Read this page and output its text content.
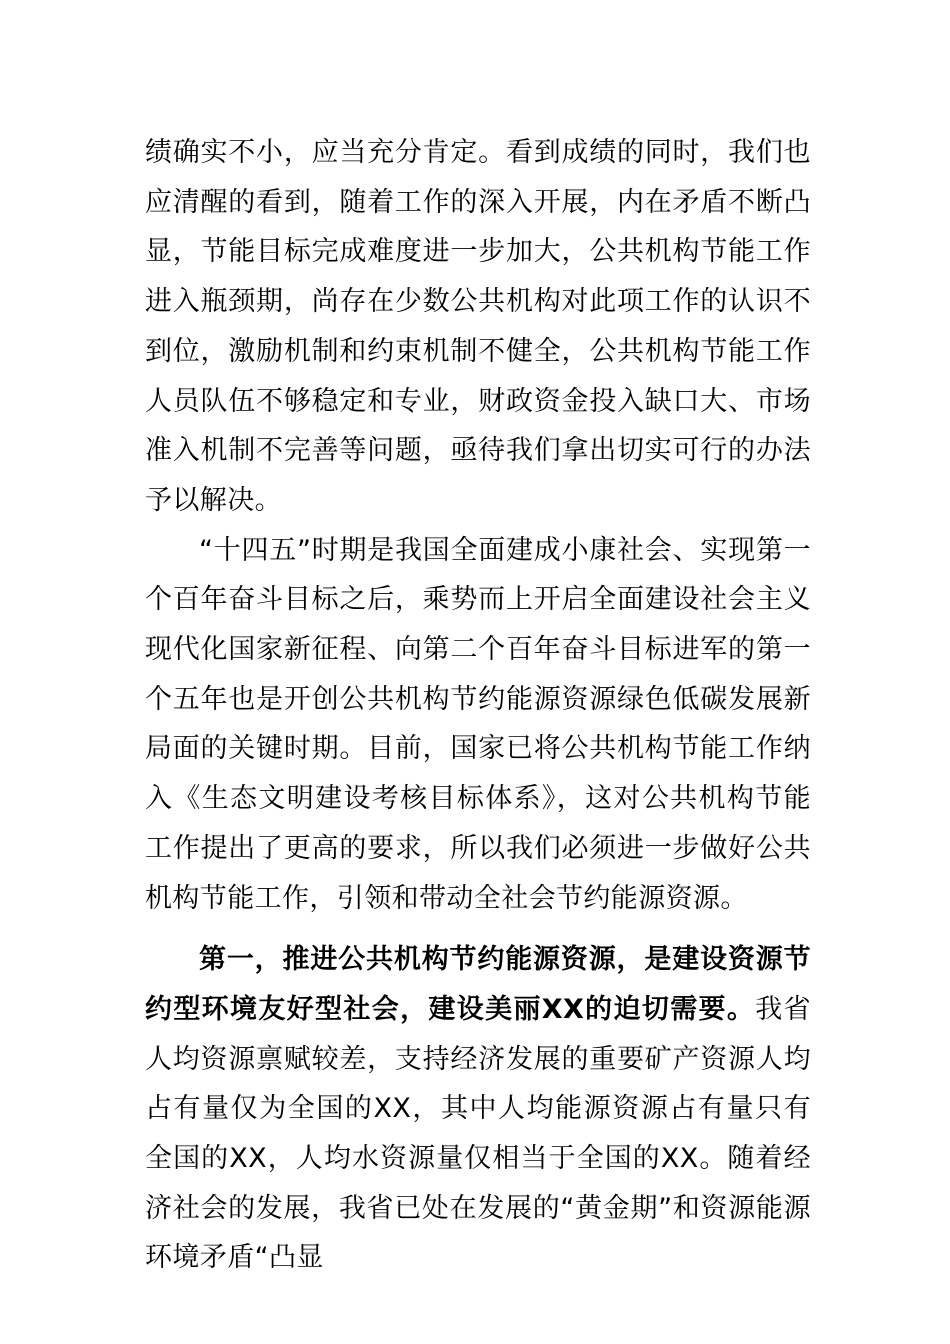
绩确实不小，应当充分肯定。看到成绩的同时，我们也应清醒的看到，随着工作的深入开展，内在矛盾不断凸显，节能目标完成难度进一步加大，公共机构节能工作进入瓶颈期，尚存在少数公共机构对此项工作的认识不到位，激励机制和约束机制不健全，公共机构节能工作人员队伍不够稳定和专业，财政资金投入缺口大、市场准入机制不完善等问题，亟待我们拿出切实可行的办法予以解决。

“十四五”时期是我国全面建成小康社会、实现第一个百年奋斗目标之后，乘势而上开启全面建设社会主义现代化国家新征程、向第二个百年奋斗目标进军的第一个五年也是开创公共机构节约能源资源绿色低碳发展新局面的关键时期。目前，国家已将公共机构节能工作纳入《生态文明建设考核目标体系》，这对公共机构节能工作提出了更高的要求，所以我们必须进一步做好公共机构节能工作，引领和带动全社会节约能源资源。

第一，推进公共机构节约能源资源，是建设资源节约型环境友好型社会，建设美丽XX的迫切需要。我省人均资源禀赋较差，支持经济发展的重要矿产资源人均占有量仅为全国的XX，其中人均能源资源占有量只有全国的XX，人均水资源量仅相当于全国的XX。随着经济社会的发展，我省已处在发展的“黄金期”和资源能源环境矛盾“凸显
